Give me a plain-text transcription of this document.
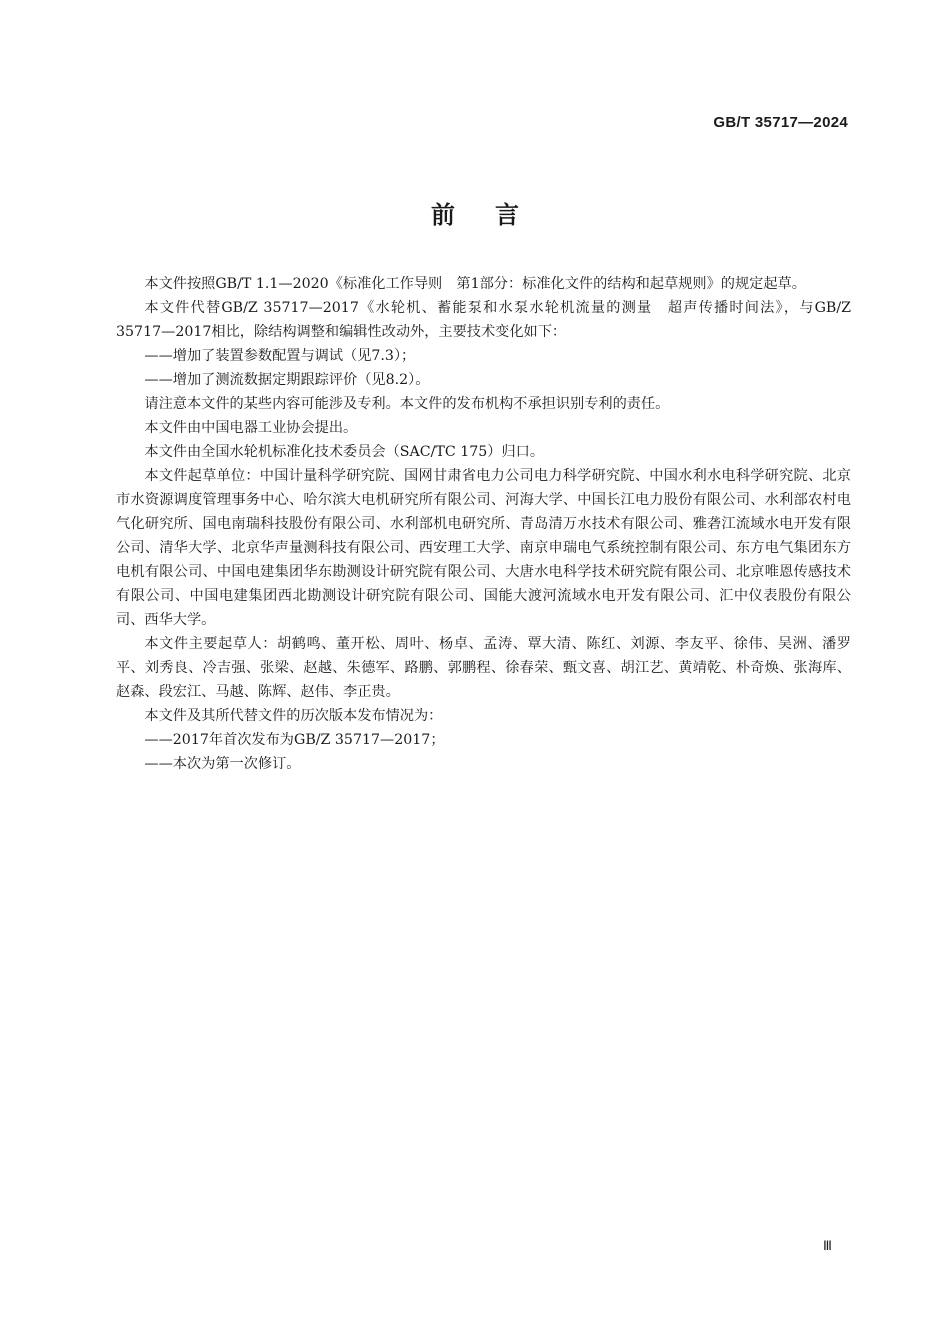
GB/T 35717—2024
前言

本文件按照GB/T 1.1—2020《标准化工作导则　第1部分：标准化文件的结构和起草规则》的规定起草。

本文件代替GB/Z 35717—2017《水轮机、蓄能泵和水泵水轮机流量的测量　超声传播时间法》，与GB/Z 35717—2017相比，除结构调整和编辑性改动外，主要技术变化如下：

——增加了装置参数配置与调试（见7.3）；

——增加了测流数据定期跟踪评价（见8.2）。

请注意本文件的某些内容可能涉及专利。本文件的发布机构不承担识别专利的责任。

本文件由中国电器工业协会提出。

本文件由全国水轮机标准化技术委员会（SAC/TC 175）归口。

本文件起草单位：中国计量科学研究院、国网甘肃省电力公司电力科学研究院、中国水利水电科学研究院、北京市水资源调度管理事务中心、哈尔滨大电机研究所有限公司、河海大学、中国长江电力股份有限公司、水利部农村电气化研究所、国电南瑞科技股份有限公司、水利部机电研究所、青岛清万水技术有限公司、雅砻江流域水电开发有限公司、清华大学、北京华声量测科技有限公司、西安理工大学、南京申瑞电气系统控制有限公司、东方电气集团东方电机有限公司、中国电建集团华东勘测设计研究院有限公司、大唐水电科学技术研究院有限公司、北京唯恩传感技术有限公司、中国电建集团西北勘测设计研究院有限公司、国能大渡河流域水电开发有限公司、汇中仪表股份有限公司、西华大学。

本文件主要起草人：胡鹤鸣、董开松、周叶、杨卓、孟涛、覃大清、陈红、刘源、李友平、徐伟、吴洲、潘罗平、刘秀良、冷吉强、张梁、赵越、朱德军、路鹏、郭鹏程、徐春荣、甄文喜、胡江艺、黄靖乾、朴奇焕、张海库、赵森、段宏江、马越、陈辉、赵伟、李正贵。

本文件及其所代替文件的历次版本发布情况为：

——2017年首次发布为GB/Z 35717—2017；

——本次为第一次修订。

Ⅲ
